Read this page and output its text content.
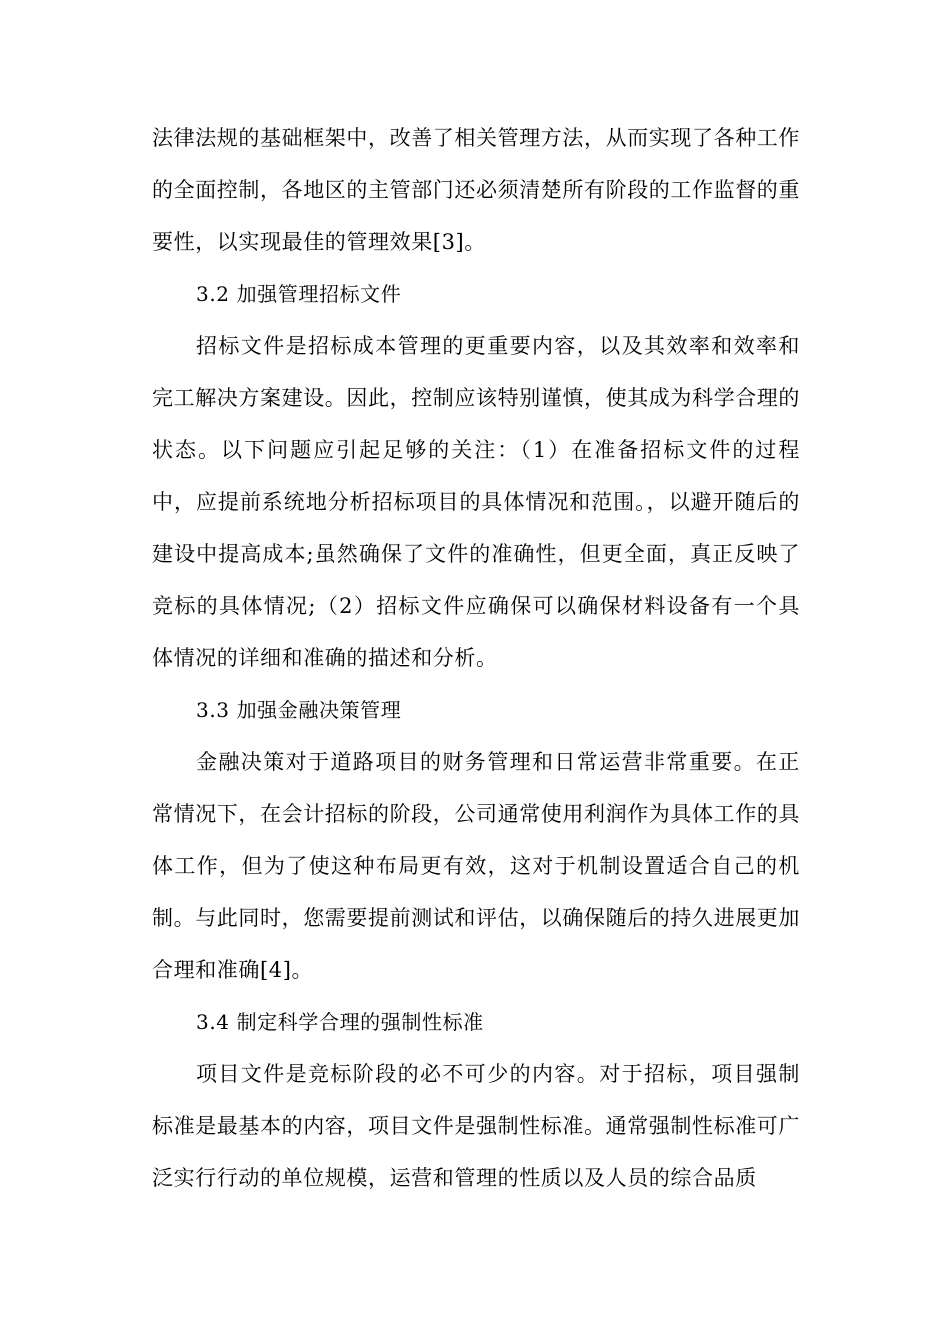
法律法规的基础框架中，改善了相关管理方法，从而实现了各种工作的全面控制，各地区的主管部门还必须清楚所有阶段的工作监督的重要性，以实现最佳的管理效果[3]。

3.2 加强管理招标文件

招标文件是招标成本管理的更重要内容，以及其效率和效率和完工解决方案建设。因此，控制应该特别谨慎，使其成为科学合理的状态。以下问题应引起足够的关注：（1）在准备招标文件的过程中，应提前系统地分析招标项目的具体情况和范围。，以避开随后的建设中提高成本;虽然确保了文件的准确性，但更全面，真正反映了竞标的具体情况;（2）招标文件应确保可以确保材料设备有一个具体情况的详细和准确的描述和分析。

3.3 加强金融决策管理

金融决策对于道路项目的财务管理和日常运营非常重要。在正常情况下，在会计招标的阶段，公司通常使用利润作为具体工作的具体工作，但为了使这种布局更有效，这对于机制设置适合自己的机制。与此同时，您需要提前测试和评估，以确保随后的持久进展更加合理和准确[4]。

3.4 制定科学合理的强制性标准

项目文件是竞标阶段的必不可少的内容。对于招标，项目强制标准是最基本的内容，项目文件是强制性标准。通常强制性标准可广泛实行行动的单位规模，运营和管理的性质以及人员的综合品质
